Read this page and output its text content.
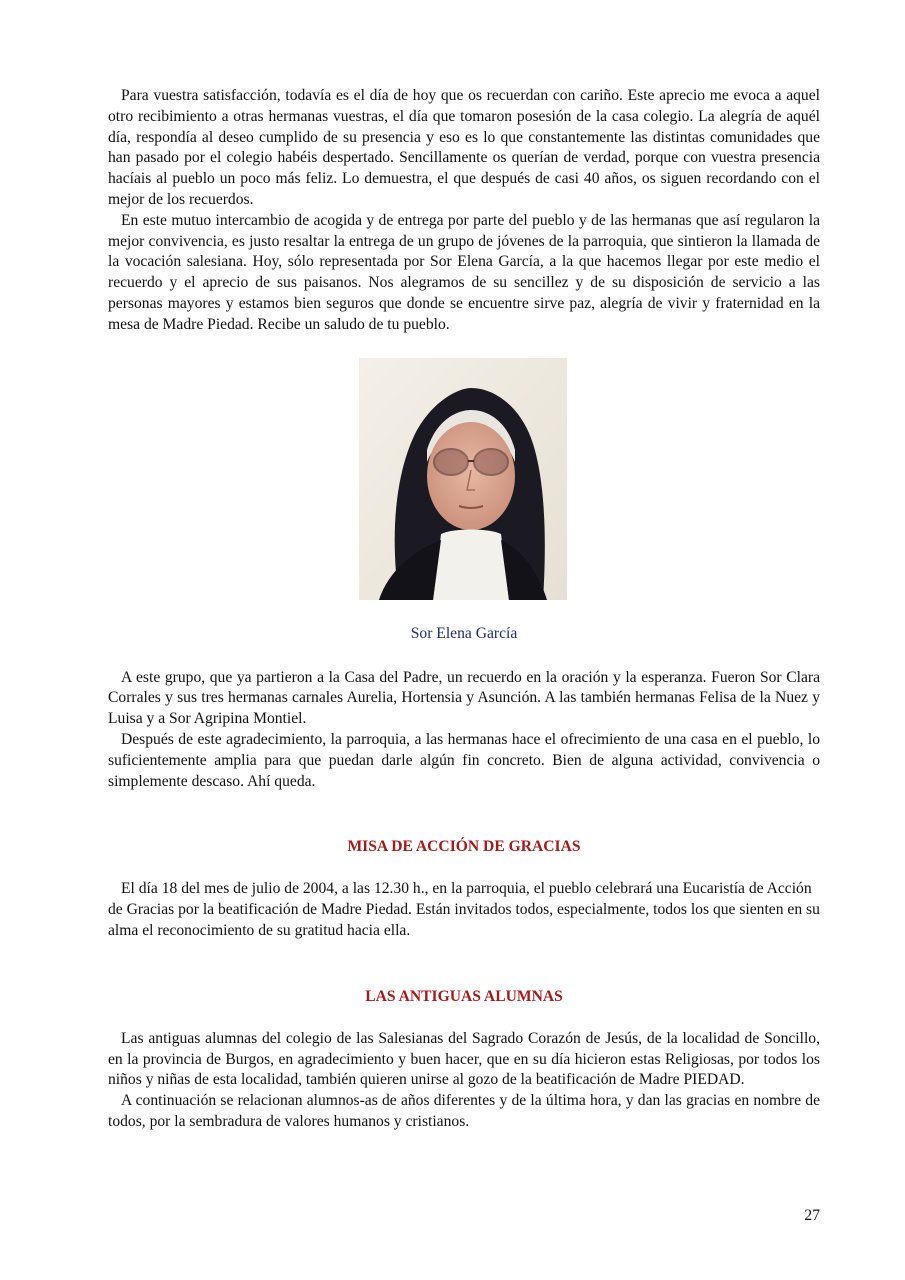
Para vuestra satisfacción, todavía es el día de hoy que os recuerdan con cariño. Este aprecio me evoca a aquel otro recibimiento a otras hermanas vuestras, el día que tomaron posesión de la casa colegio. La alegría de aquél día, respondía al deseo cumplido de su presencia y eso es lo que constantemente las distintas comunidades que han pasado por el colegio habéis despertado. Sencillamente os querían de verdad, porque con vuestra presencia hacíais al pueblo un poco más feliz. Lo demuestra, el que después de casi 40 años, os siguen recordando con el mejor de los recuerdos.

En este mutuo intercambio de acogida y de entrega por parte del pueblo y de las hermanas que así regularon la mejor convivencia, es justo resaltar la entrega de un grupo de jóvenes de la parroquia, que sintieron la llamada de la vocación salesiana. Hoy, sólo representada por Sor Elena García, a la que hacemos llegar por este medio el recuerdo y el aprecio de sus paisanos. Nos alegramos de su sencillez y de su disposición de servicio a las personas mayores y estamos bien seguros que donde se encuentre sirve paz, alegría de vivir y fraternidad en la mesa de Madre Piedad. Recibe un saludo de tu pueblo.

Sor Elena García

A este grupo, que ya partieron a la Casa del Padre, un recuerdo en la oración y la esperanza. Fueron Sor Clara Corrales y sus tres hermanas carnales Aurelia, Hortensia y Asunción. A las también hermanas Felisa de la Nuez y Luisa y a Sor Agripina Montiel.

Después de este agradecimiento, la parroquia, a las hermanas hace el ofrecimiento de una casa en el pueblo, lo suficientemente amplia para que puedan darle algún fin concreto. Bien de alguna actividad, convivencia o simplemente descaso. Ahí queda.

MISA DE ACCIÓN DE GRACIAS

El día 18 del mes de julio de 2004, a las 12.30 h., en la parroquia, el pueblo celebrará una Eucaristía de Acción de Gracias por la beatificación de Madre Piedad. Están invitados todos, especialmente, todos los que sienten en su alma el reconocimiento de su gratitud hacia ella.

LAS ANTIGUAS ALUMNAS

Las antiguas alumnas del colegio de las Salesianas del Sagrado Corazón de Jesús, de la localidad de Soncillo, en la provincia de Burgos, en agradecimiento y buen hacer, que en su día hicieron estas Religiosas, por todos los niños y niñas de esta localidad, también quieren unirse al gozo de la beatificación de Madre PIEDAD.

A continuación se relacionan alumnos-as de años diferentes y de la última hora, y dan las gracias en nombre de todos, por la sembradura de valores humanos y cristianos.

27
